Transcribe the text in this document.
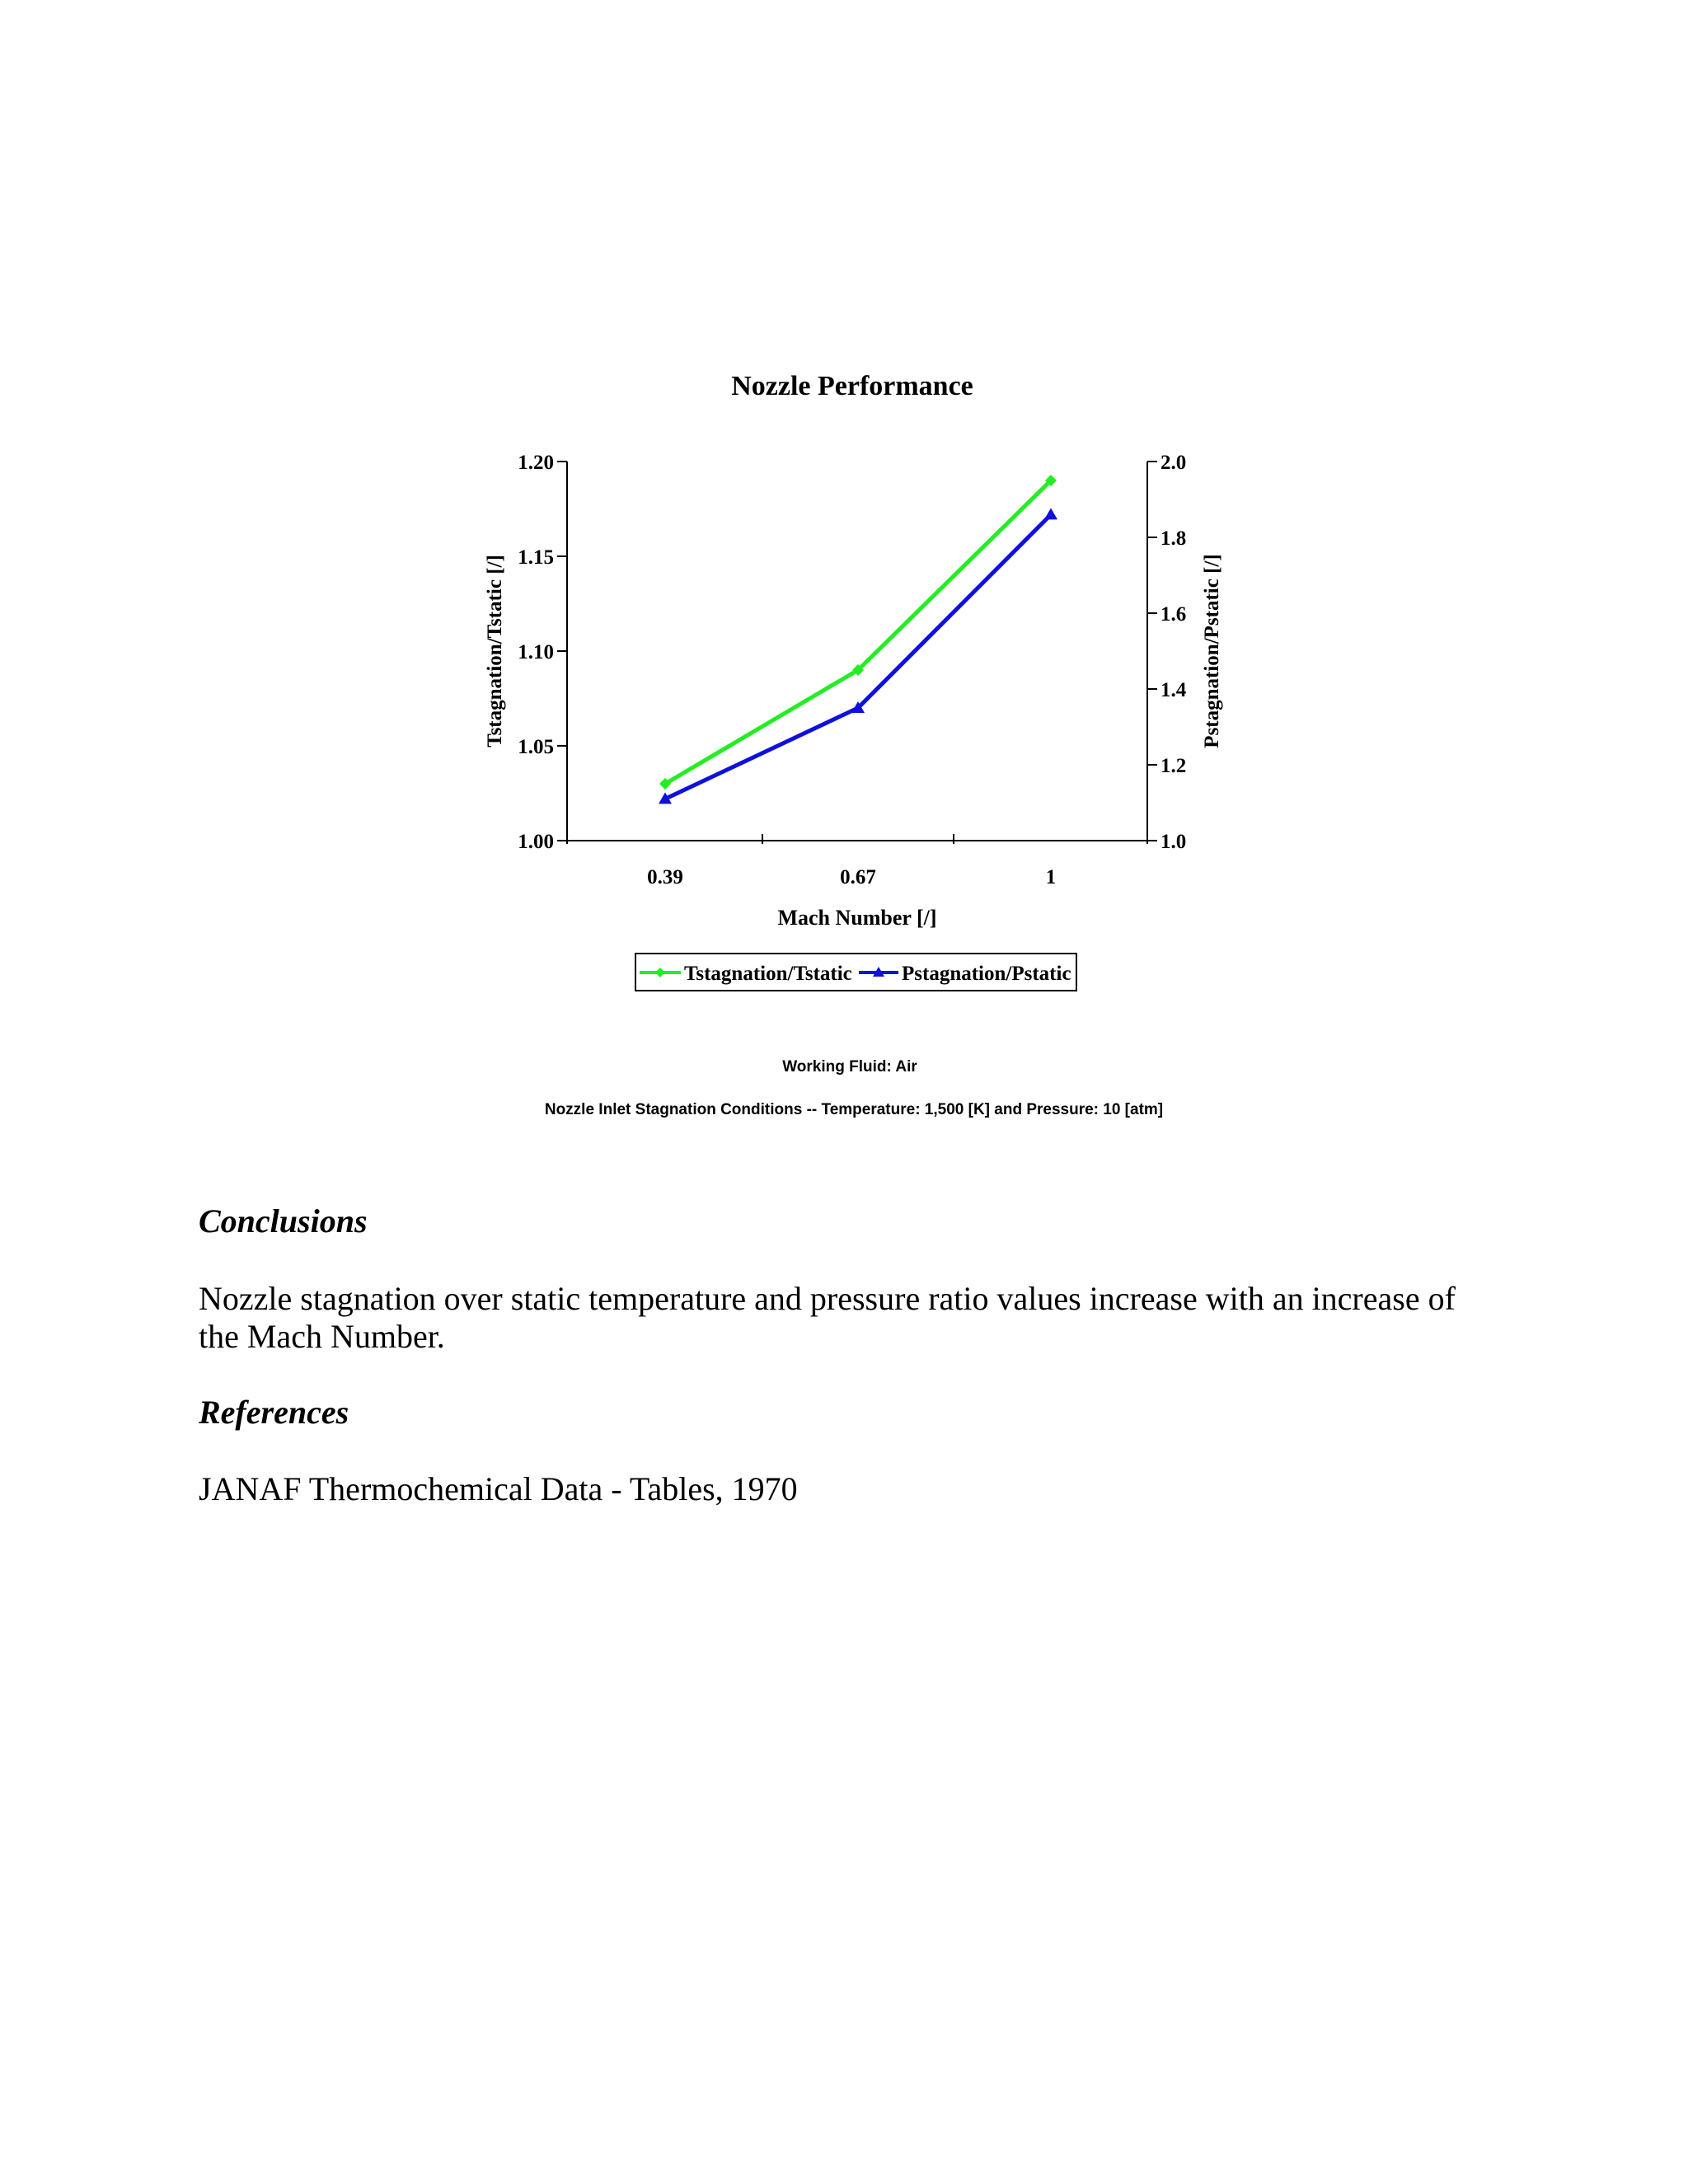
Nozzle Performance
1.00
1.05
1.10
1.15
1.20
1.0
1.2
1.4
1.6
1.8
2.0
0.39	0.67	1
Mach Number [/]
Tstagnation/Tstatic [/]	Pstagnation/Pstatic [/]
Tstagnation/Tstatic Pstagnation/Pstatic
Working Fluid: Air
Nozzle Inlet Stagnation Conditions -- Temperature: 1,500 [K] and Pressure: 10 [atm]
Conclusions

Nozzle stagnation over static temperature and pressure ratio values increase with an increase of
the Mach Number.

References

JANAF Thermochemical Data - Tables, 1970
